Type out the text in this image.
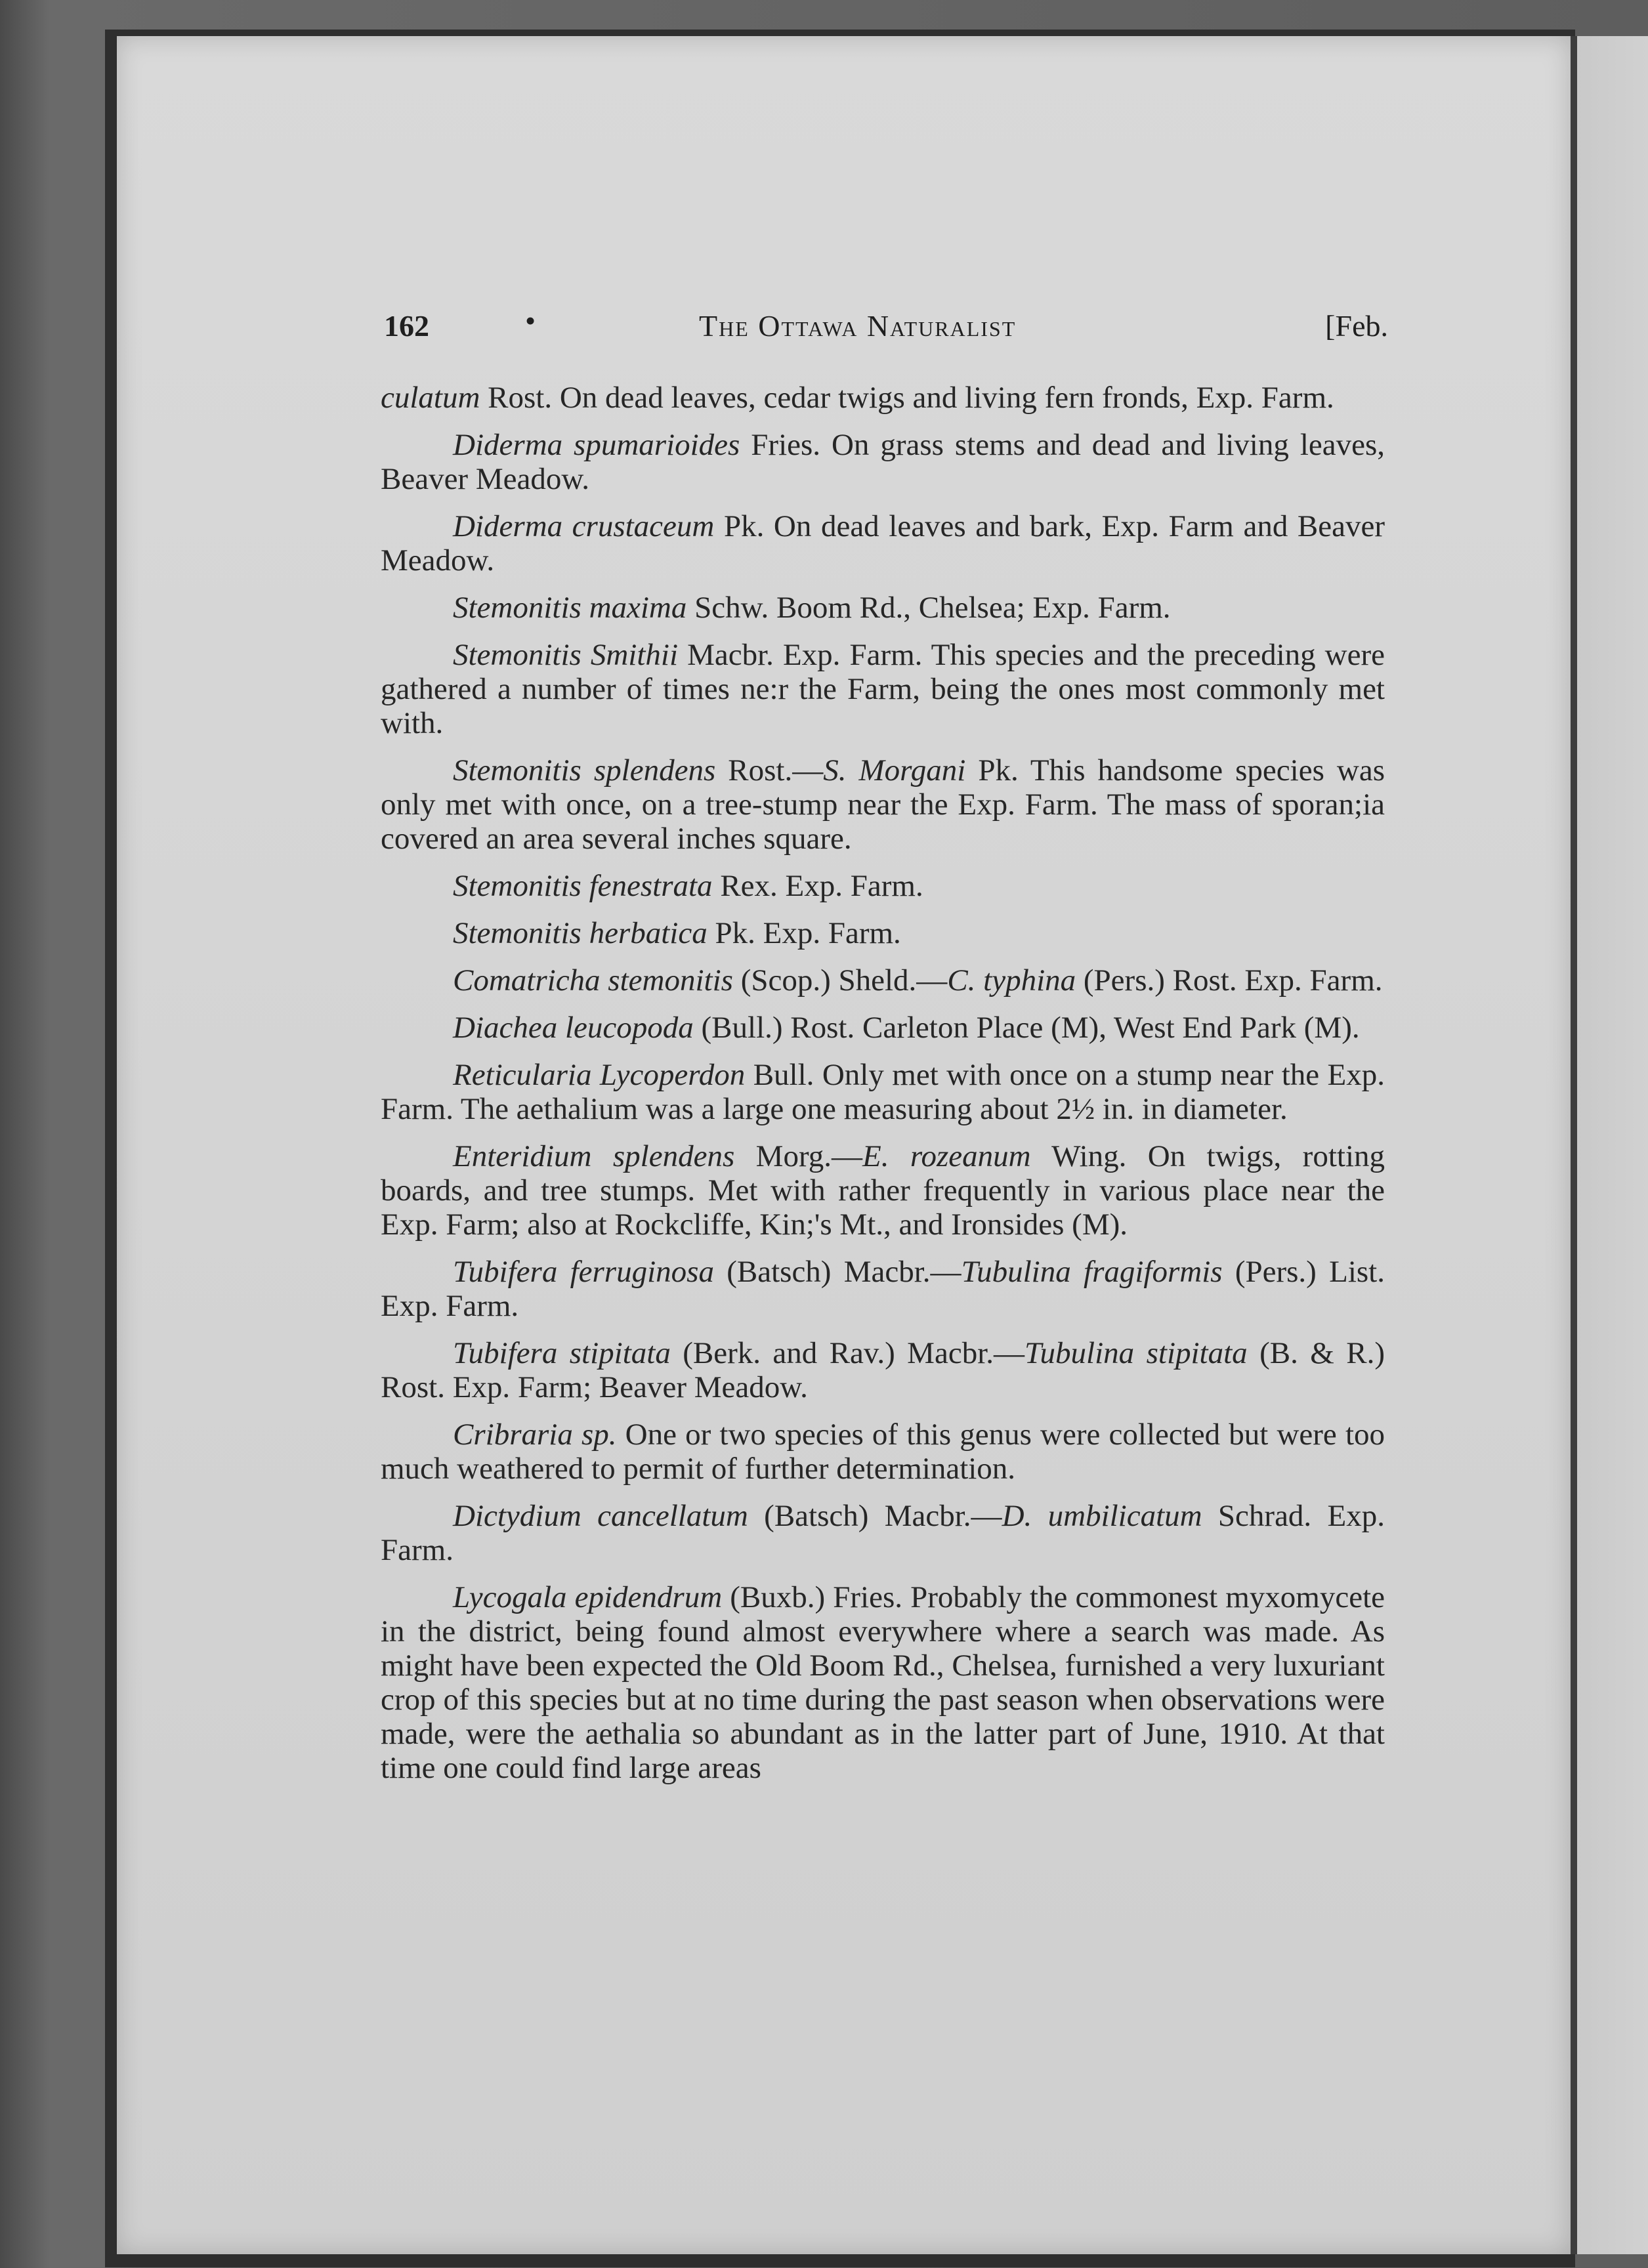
162	•	The Ottawa Naturalist	[Feb.

culatum Rost. On dead leaves, cedar twigs and living fern fronds, Exp. Farm.

Diderma spumarioides Fries. On grass stems and dead and living leaves, Beaver Meadow.

Diderma crustaceum Pk. On dead leaves and bark, Exp. Farm and Beaver Meadow.

Stemonitis maxima Schw. Boom Rd., Chelsea; Exp. Farm.

Stemonitis Smithii Macbr. Exp. Farm. This species and the preceding were gathered a number of times ne:r the Farm, being the ones most commonly met with.

Stemonitis splendens Rost.—S. Morgani Pk. This handsome species was only met with once, on a tree-stump near the Exp. Farm. The mass of sporan;ia covered an area several inches square.

Stemonitis fenestrata Rex. Exp. Farm.

Stemonitis herbatica Pk. Exp. Farm.

Comatricha stemonitis (Scop.) Sheld.—C. typhina (Pers.) Rost. Exp. Farm.

Diachea leucopoda (Bull.) Rost. Carleton Place (M), West End Park (M).

Reticularia Lycoperdon Bull. Only met with once on a stump near the Exp. Farm. The aethalium was a large one measuring about 2½ in. in diameter.

Enteridium splendens Morg.—E. rozeanum Wing. On twigs, rotting boards, and tree stumps. Met with rather frequently in various place near the Exp. Farm; also at Rockcliffe, Kin;'s Mt., and Ironsides (M).

Tubifera ferruginosa (Batsch) Macbr.—Tubulina fragiformis (Pers.) List. Exp. Farm.

Tubifera stipitata (Berk. and Rav.) Macbr.—Tubulina stipitata (B. & R.) Rost. Exp. Farm; Beaver Meadow.

Cribraria sp. One or two species of this genus were collected but were too much weathered to permit of further determination.

Dictydium cancellatum (Batsch) Macbr.—D. umbilicatum Schrad. Exp. Farm.

Lycogala epidendrum (Buxb.) Fries. Probably the commonest myxomycete in the district, being found almost everywhere where a search was made. As might have been expected the Old Boom Rd., Chelsea, furnished a very luxuriant crop of this species but at no time during the past season when observations were made, were the aethalia so abundant as in the latter part of June, 1910. At that time one could find large areas
